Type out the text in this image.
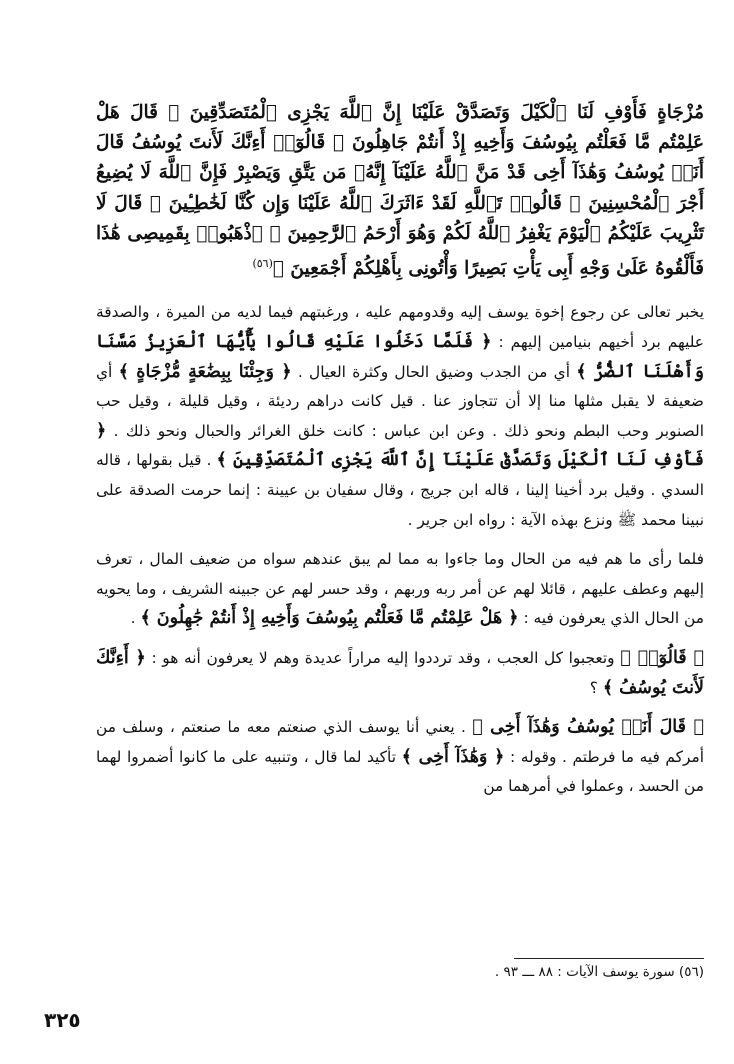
مُزْجَاةٍ فَأَوْفِ لَنَا ٱلْكَيْلَ وَتَصَدَّقْ عَلَيْنَا إِنَّ ٱللَّهَ يَجْزِى ٱلْمُتَصَدِّقِينَ ۞ قَالَ هَلْ عَلِمْتُم مَّا فَعَلْتُم بِيُوسُفَ وَأَخِيهِ إِذْ أَنتُمْ جَاهِلُونَ ۞ قَالُوٓا۟ أَءِنَّكَ لَأَنتَ يُوسُفُ قَالَ أَنَا۠ يُوسُفُ وَهَٰذَآ أَخِى قَدْ مَنَّ ٱللَّهُ عَلَيْنَآ إِنَّهُۥ مَن يَتَّقِ وَيَصْبِرْ فَإِنَّ ٱللَّهَ لَا يُضِيعُ أَجْرَ ٱلْمُحْسِنِينَ ۞ قَالُوا۟ تَٱللَّهِ لَقَدْ ءَاثَرَكَ ٱللَّهُ عَلَيْنَا وَإِن كُنَّا لَخَٰطِـِٔينَ ۞ قَالَ لَا تَثْرِيبَ عَلَيْكُمُ ٱلْيَوْمَ يَغْفِرُ ٱللَّهُ لَكُمْ وَهُوَ أَرْحَمُ ٱلرَّٰحِمِينَ ۞ ٱذْهَبُوا۟ بِقَمِيصِى هَٰذَا فَأَلْقُوهُ عَلَىٰ وَجْهِ أَبِى يَأْتِ بَصِيرًا وَأْتُونِى بِأَهْلِكُمْ أَجْمَعِينَ ﴾$^{(٥٦)}$

يخبر تعالى عن رجوع إخوة يوسف إليه وقدومهم عليه ، ورغبتهم فيما لديه من الميرة ، والصدقة عليهم برد أخيهم بنيامين إليهم : ﴿ فَلَمَّا دَخَلُوا عَلَيْهِ قَالُوا يَٰٓأَيُّهَا ٱلْعَزِيزُ مَسَّنَا وَأَهْلَنَا ٱلضُّرُّ ﴾ أي من الجدب وضيق الحال وكثرة العيال . ﴿ وَجِئْنَا بِبِضَٰعَةٍ مُّزْجَاةٍ ﴾ أي ضعيفة لا يقبل مثلها منا إلا أن تتجاوز عنا . قيل كانت دراهم رديئة ، وقيل قليلة ، وقيل حب الصنوبر وحب البطم ونحو ذلك . وعن ابن عباس : كانت خلق الغرائر والحبال ونحو ذلك . ﴿ فَأَوْفِ لَنَا ٱلْكَيْلَ وَتَصَدَّقْ عَلَيْنَآ إِنَّ ٱللَّهَ يَجْزِى ٱلْمُتَصَدِّقِينَ ﴾ . قيل بقولها ، قاله السدي . وقيل برد أخينا إلينا ، قاله ابن جريج ، وقال سفيان بن عيينة : إنما حرمت الصدقة على نبينا محمد ﷺ ونزع بهذه الآية : رواه ابن جرير .

فلما رأى ما هم فيه من الحال وما جاءوا به مما لم يبق عندهم سواه من ضعيف المال ، تعرف إليهم وعطف عليهم ، قائلا لهم عن أمر ربه وربهم ، وقد حسر لهم عن جبينه الشريف ، وما يحويه من الحال الذي يعرفون فيه : ﴿ هَلْ عَلِمْتُم مَّا فَعَلْتُم بِيُوسُفَ وَأَخِيهِ إِذْ أَنتُمْ جَٰهِلُونَ ﴾ .

﴿ قَالُوٓا۟ ﴾ وتعجبوا كل العجب ، وقد ترددوا إليه مراراً عديدة وهم لا يعرفون أنه هو : ﴿ أَءِنَّكَ لَأَنتَ يُوسُفُ ﴾ ؟

﴿ قَالَ أَنَا۠ يُوسُفُ وَهَٰذَآ أَخِى ﴾ . يعني أنا يوسف الذي صنعتم معه ما صنعتم ، وسلف من أمركم فيه ما فرطتم . وقوله : ﴿ وَهَٰذَآ أَخِى ﴾ تأكيد لما قال ، وتنبيه على ما كانوا أضمروا لهما من الحسد ، وعملوا في أمرهما من

(٥٦) سورة يوسف الآيات : ٨٨ ـــ ٩٣ .

٣٢٥
